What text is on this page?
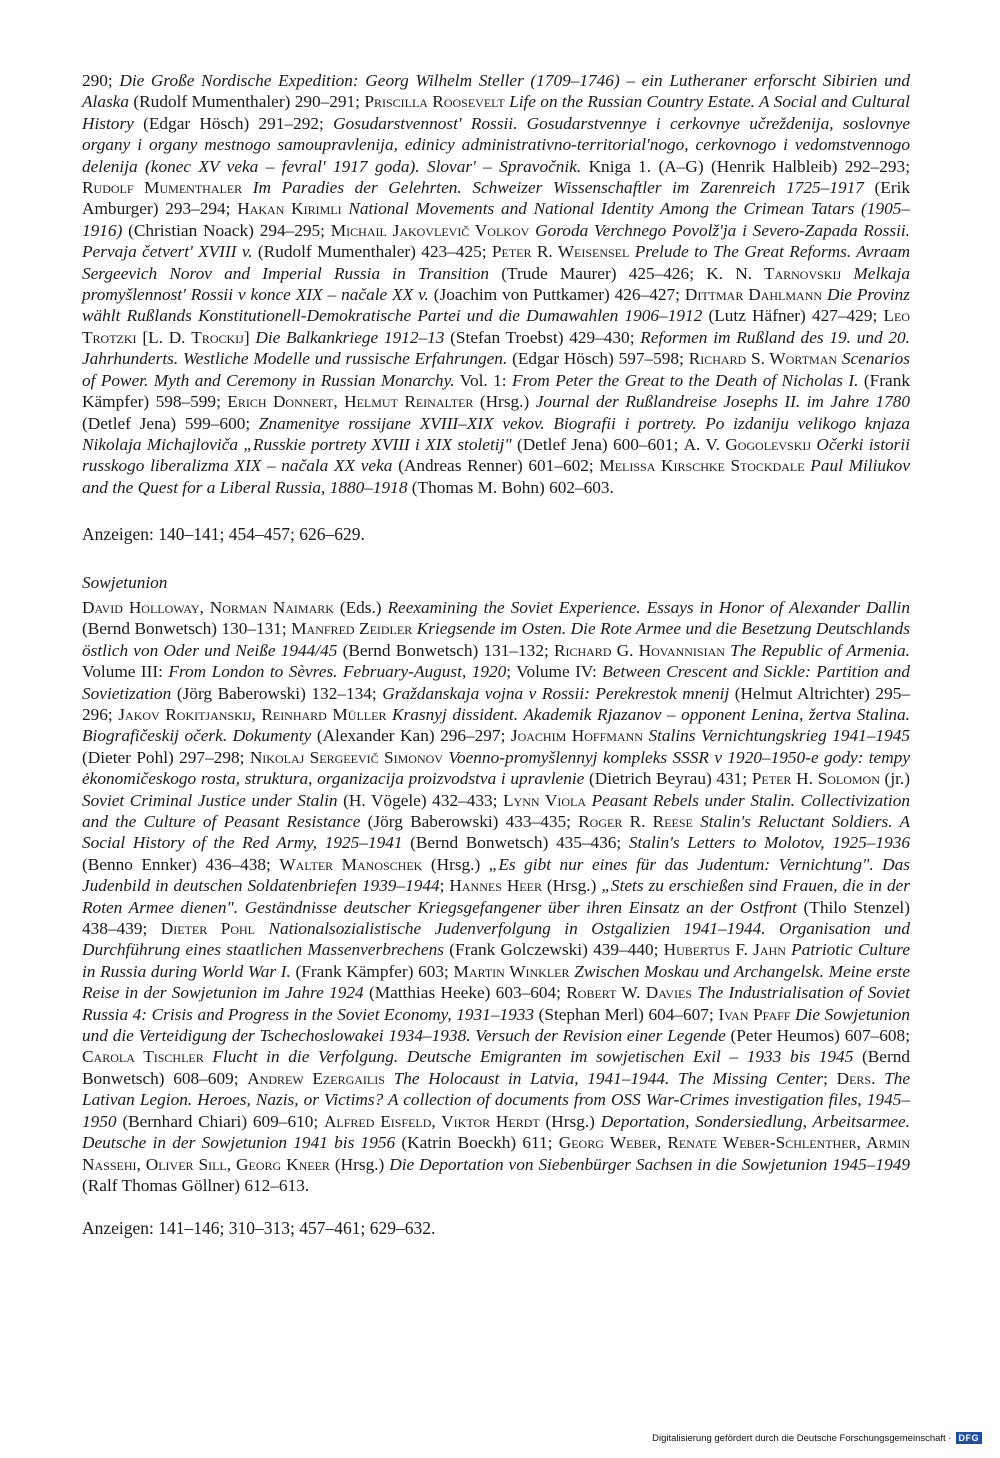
290; Die Große Nordische Expedition: Georg Wilhelm Steller (1709–1746) – ein Lutheraner erforscht Sibirien und Alaska (Rudolf Mumenthaler) 290–291; Priscilla Roosevelt Life on the Russian Country Estate. A Social and Cultural History (Edgar Hösch) 291–292; Gosudarstvennost' Rossii. Gosudarstvennye i cerkovnye učreždenija, soslovnye organy i organy mestnogo samoupravlenija, edinicy administrativno-territorial'nogo, cerkovnogo i vedomstvennogo delenija (konec XV veka – fevral' 1917 goda). Slovar' – Spravočnik. Kniga 1. (A–G) (Henrik Halbleib) 292–293; Rudolf Mumenthaler Im Paradies der Gelehrten. Schweizer Wissenschaftler im Zarenreich 1725–1917 (Erik Amburger) 293–294; Hakan Kırımlı National Movements and National Identity Among the Crimean Tatars (1905–1916) (Christian Noack) 294–295; Michail Jakovlevič Volkov Goroda Verchnego Povolž'ja i Severo-Zapada Rossii. Pervaja četvert' XVIII v. (Rudolf Mumenthaler) 423–425; Peter R. Weisensel Prelude to The Great Reforms. Avraam Sergeevich Norov and Imperial Russia in Transition (Trude Maurer) 425–426; K. N. Tarnovskij Melkaja promyšlennost' Rossii v konce XIX – načale XX v. (Joachim von Puttkamer) 426–427; Dittmar Dahlmann Die Provinz wählt Rußlands Konstitutionell-Demokratische Partei und die Dumawahlen 1906–1912 (Lutz Häfner) 427–429; Leo Trotzki [L. D. Trockij] Die Balkankriege 1912–13 (Stefan Troebst) 429–430; Reformen im Rußland des 19. und 20. Jahrhunderts. Westliche Modelle und russische Erfahrungen. (Edgar Hösch) 597–598; Richard S. Wortman Scenarios of Power. Myth and Ceremony in Russian Monarchy. Vol. 1: From Peter the Great to the Death of Nicholas I. (Frank Kämpfer) 598–599; Erich Donnert, Helmut Reinalter (Hrsg.) Journal der Rußlandreise Josephs II. im Jahre 1780 (Detlef Jena) 599–600; Znamenitye rossijane XVIII–XIX vekov. Biografii i portrety. Po izdaniju velikogo knjaza Nikolaja Michajloviča „Russkie portrety XVIII i XIX stoletij" (Detlef Jena) 600–601; A. V. Gogolevskij Očerki istorii russkogo liberalizma XIX – načala XX veka (Andreas Renner) 601–602; Melissa Kirschke Stockdale Paul Miliukov and the Quest for a Liberal Russia, 1880–1918 (Thomas M. Bohn) 602–603.

Anzeigen: 140–141; 454–457; 626–629.

Sowjetunion

David Holloway, Norman Naimark (Eds.) Reexamining the Soviet Experience. Essays in Honor of Alexander Dallin (Bernd Bonwetsch) 130–131; Manfred Zeidler Kriegsende im Osten. Die Rote Armee und die Besetzung Deutschlands östlich von Oder und Neiße 1944/45 (Bernd Bonwetsch) 131–132; Richard G. Hovannisian The Republic of Armenia. Volume III: From London to Sèvres. February-August, 1920; Volume IV: Between Crescent and Sickle: Partition and Sovietization (Jörg Baberowski) 132–134; Graždanskaja vojna v Rossii: Perekrestok mnenij (Helmut Altrichter) 295–296; Jakov Rokitjanskij, Reinhard Müller Krasnyj dissident. Akademik Rjazanov – opponent Lenina, žertva Stalina. Biografičeskij očerk. Dokumenty (Alexander Kan) 296–297; Joachim Hoffmann Stalins Vernichtungskrieg 1941–1945 (Dieter Pohl) 297–298; Nikolaj Sergeevič Simonov Voenno-promyšlennyj kompleks SSSR v 1920–1950-e gody: tempy ėkonomičeskogo rosta, struktura, organizacija proizvodstva i upravlenie (Dietrich Beyrau) 431; Peter H. Solomon (jr.) Soviet Criminal Justice under Stalin (H. Vögele) 432–433; Lynn Viola Peasant Rebels under Stalin. Collectivization and the Culture of Peasant Resistance (Jörg Baberowski) 433–435; Roger R. Reese Stalin's Reluctant Soldiers. A Social History of the Red Army, 1925–1941 (Bernd Bonwetsch) 435–436; Stalin's Letters to Molotov, 1925–1936 (Benno Ennker) 436–438; Walter Manoschek (Hrsg.) „Es gibt nur eines für das Judentum: Vernichtung". Das Judenbild in deutschen Soldatenbriefen 1939–1944; Hannes Heer (Hrsg.) „Stets zu erschießen sind Frauen, die in der Roten Armee dienen". Geständnisse deutscher Kriegsgefangener über ihren Einsatz an der Ostfront (Thilo Stenzel) 438–439; Dieter Pohl Nationalsozialistische Judenverfolgung in Ostgalizien 1941–1944. Organisation und Durchführung eines staatlichen Massenverbrechens (Frank Golczewski) 439–440; Hubertus F. Jahn Patriotic Culture in Russia during World War I. (Frank Kämpfer) 603; Martin Winkler Zwischen Moskau und Archangelsk. Meine erste Reise in der Sowjetunion im Jahre 1924 (Matthias Heeke) 603–604; Robert W. Davies The Industrialisation of Soviet Russia 4: Crisis and Progress in the Soviet Economy, 1931–1933 (Stephan Merl) 604–607; Ivan Pfaff Die Sowjetunion und die Verteidigung der Tschechoslowakei 1934–1938. Versuch der Revision einer Legende (Peter Heumos) 607–608; Carola Tischler Flucht in die Verfolgung. Deutsche Emigranten im sowjetischen Exil – 1933 bis 1945 (Bernd Bonwetsch) 608–609; Andrew Ezergailis The Holocaust in Latvia, 1941–1944. The Missing Center; Ders. The Lativan Legion. Heroes, Nazis, or Victims? A collection of documents from OSS War-Crimes investigation files, 1945–1950 (Bernhard Chiari) 609–610; Alfred Eisfeld, Viktor Herdt (Hrsg.) Deportation, Sondersiedlung, Arbeitsarmee. Deutsche in der Sowjetunion 1941 bis 1956 (Katrin Boeckh) 611; Georg Weber, Renate Weber-Schlenther, Armin Nassehi, Oliver Sill, Georg Kneer (Hrsg.) Die Deportation von Siebenbürger Sachsen in die Sowjetunion 1945–1949 (Ralf Thomas Göllner) 612–613.

Anzeigen: 141–146; 310–313; 457–461; 629–632.

Digitalisierung gefördert durch die Deutsche Forschungsgemeinschaft · DFG
